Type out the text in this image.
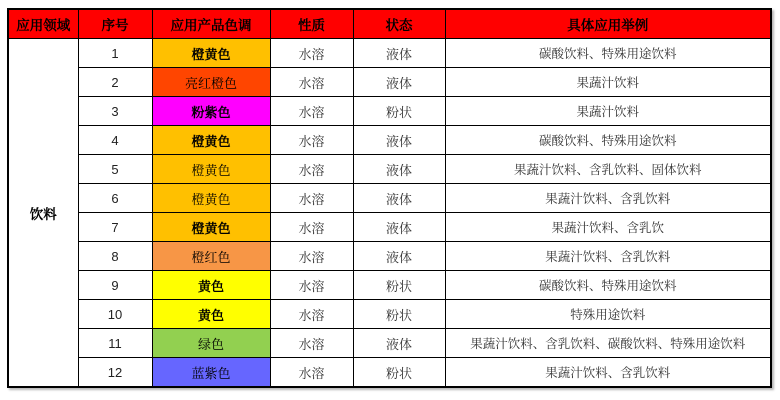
应用领域	序号	应用产品色调	性质	状态	具体应用举例
饮料	1	橙黄色	水溶	液体	碳酸饮料、特殊用途饮料
	2	亮红橙色	水溶	液体	果蔬汁饮料
	3	粉紫色	水溶	粉状	果蔬汁饮料
	4	橙黄色	水溶	液体	碳酸饮料、特殊用途饮料
	5	橙黄色	水溶	液体	果蔬汁饮料、含乳饮料、固体饮料
	6	橙黄色	水溶	液体	果蔬汁饮料、含乳饮料
	7	橙黄色	水溶	液体	果蔬汁饮料、含乳饮
	8	橙红色	水溶	液体	果蔬汁饮料、含乳饮料
	9	黄色	水溶	粉状	碳酸饮料、特殊用途饮料
	10	黄色	水溶	粉状	特殊用途饮料
	11	绿色	水溶	液体	果蔬汁饮料、含乳饮料、碳酸饮料、特殊用途饮料
	12	蓝紫色	水溶	粉状	果蔬汁饮料、含乳饮料
